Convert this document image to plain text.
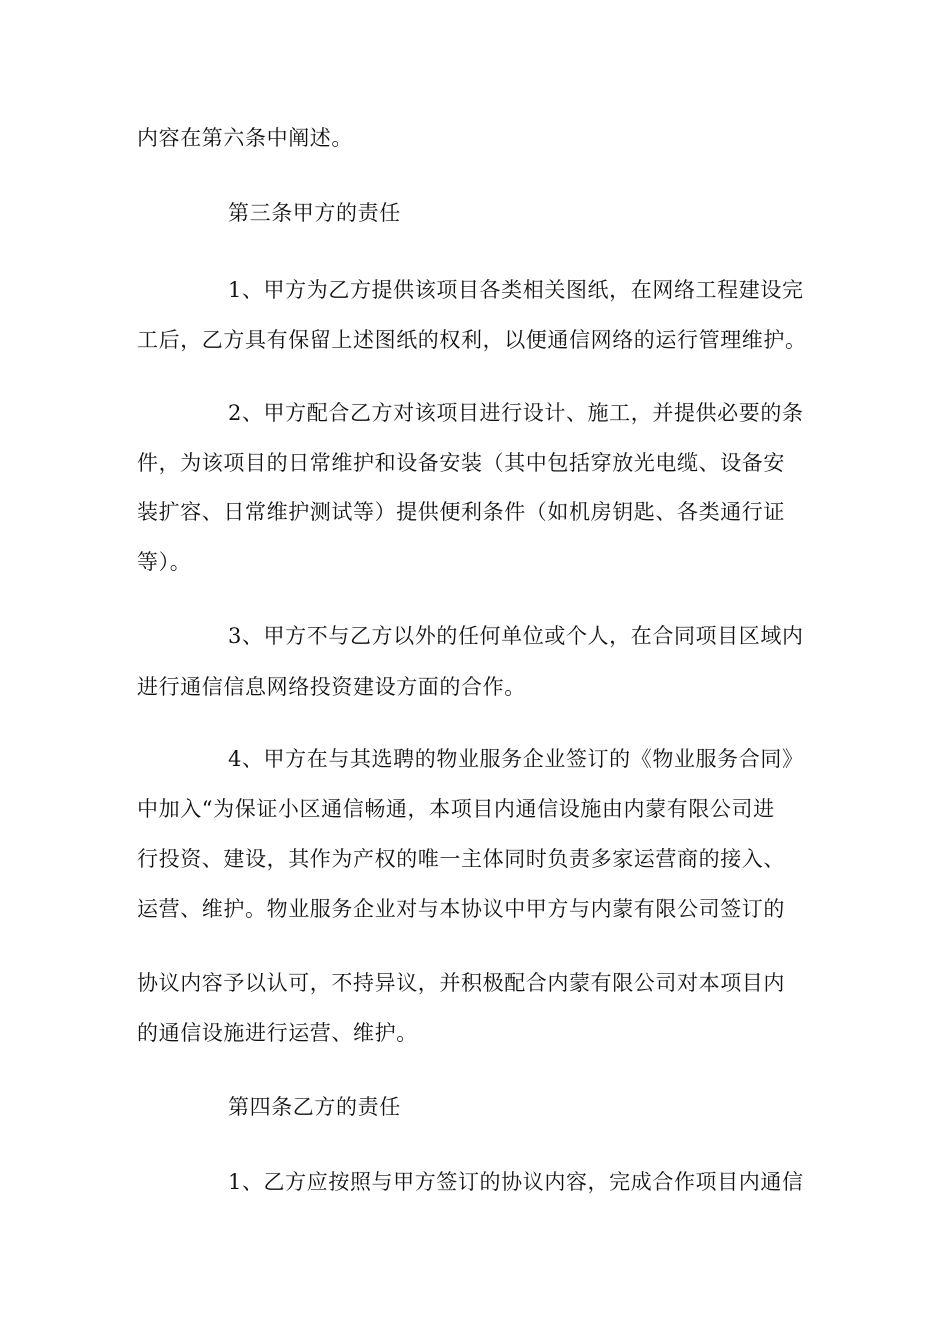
内容在第六条中阐述。
第三条甲方的责任
1、甲方为乙方提供该项目各类相关图纸，在网络工程建设完
工后，乙方具有保留上述图纸的权利，以便通信网络的运行管理维护。
2、甲方配合乙方对该项目进行设计、施工，并提供必要的条
件，为该项目的日常维护和设备安装（其中包括穿放光电缆、设备安
装扩容、日常维护测试等）提供便利条件（如机房钥匙、各类通行证
等）。
3、甲方不与乙方以外的任何单位或个人，在合同项目区域内
进行通信信息网络投资建设方面的合作。
4、甲方在与其选聘的物业服务企业签订的《物业服务合同》
中加入“为保证小区通信畅通，本项目内通信设施由内蒙有限公司进
行投资、建设，其作为产权的唯一主体同时负责多家运营商的接入、
运营、维护。物业服务企业对与本协议中甲方与内蒙有限公司签订的
协议内容予以认可，不持异议，并积极配合内蒙有限公司对本项目内
的通信设施进行运营、维护。
第四条乙方的责任
1、乙方应按照与甲方签订的协议内容，完成合作项目内通信
